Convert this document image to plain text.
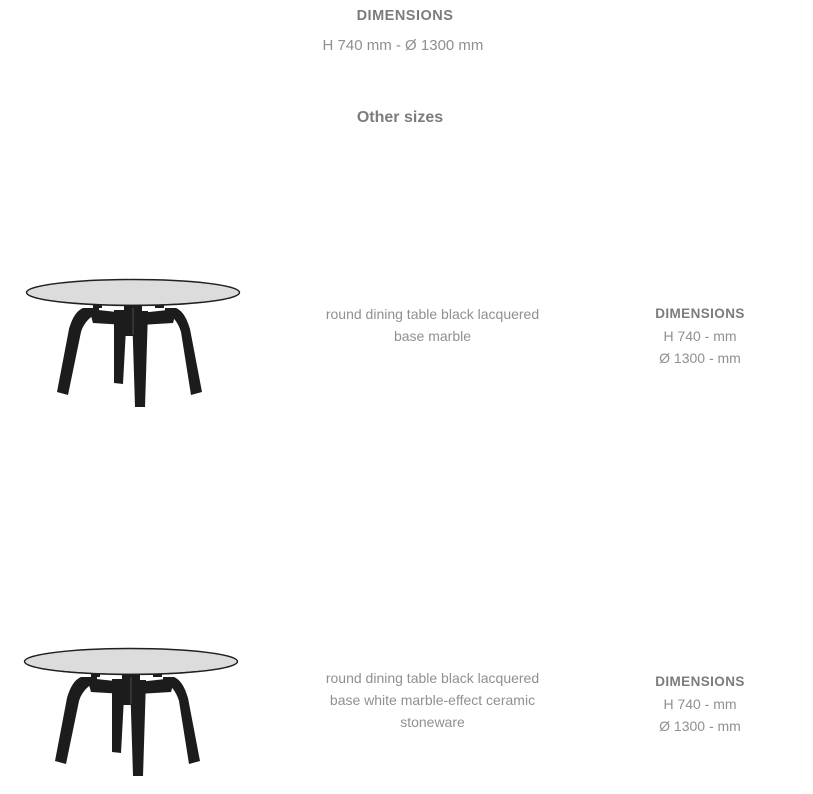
DIMENSIONS
H 740 mm - Ø 1300 mm
Other sizes
round dining table black lacquered
base marble
DIMENSIONS
H 740 - mm
Ø 1300 - mm
round dining table black lacquered
base white marble-effect ceramic
stoneware
DIMENSIONS
H 740 - mm
Ø 1300 - mm
